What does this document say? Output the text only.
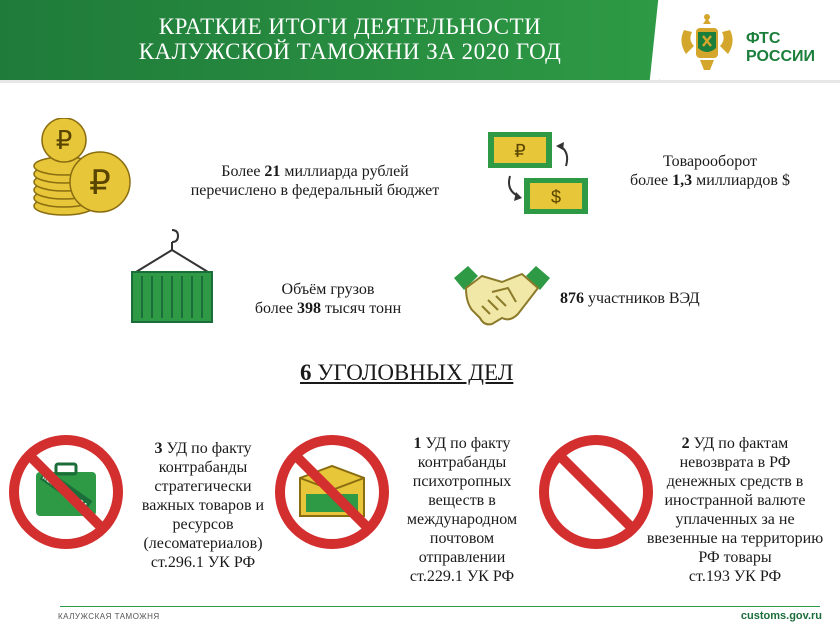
КРАТКИЕ ИТОГИ ДЕЯТЕЛЬНОСТИ
КАЛУЖСКОЙ ТАМОЖНИ ЗА 2020 ГОД
ФТС
РОССИИ
₽
₽	Более 21 миллиарда рублей
перечислено в федеральный бюджет
₽
$
Товарооборот
более 1,3 миллиардов $
Объём грузов
более 398 тысяч тонн
876 участников ВЭД
6 УГОЛОВНЫХ ДЕЛ
3 УД по факту
контрабанды
стратегически
важных товаров и
ресурсов
(лесоматериалов)
ст.296.1 УК РФ
1 УД по факту
контрабанды
психотропных
веществ в
международном
почтовом
отправлении
ст.229.1 УК РФ
2 УД по фактам
невозврата в РФ
денежных средств в
иностранной валюте
уплаченных за не
ввезенные на территорию
РФ товары
ст.193 УК РФ
КАЛУЖСКАЯ ТАМОЖНЯ	customs.gov.ru
